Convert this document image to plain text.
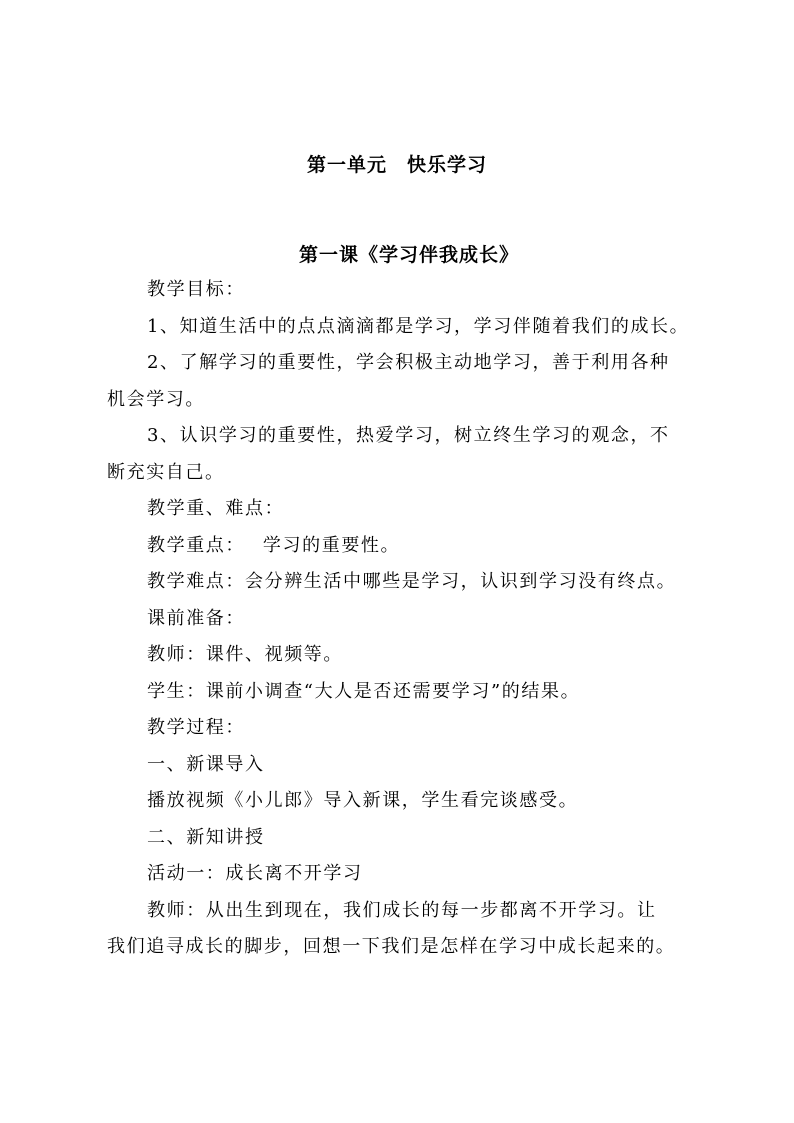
第一单元　快乐学习
第一课《学习伴我成长》
教学目标：
1、知道生活中的点点滴滴都是学习，学习伴随着我们的成长。
2、了解学习的重要性，学会积极主动地学习，善于利用各种
机会学习。
3、认识学习的重要性，热爱学习，树立终生学习的观念，不
断充实自己。
教学重、难点：
教学重点：　 学习的重要性。
教学难点：会分辨生活中哪些是学习，认识到学习没有终点。
课前准备：
教师：课件、视频等。
学生：课前小调查“大人是否还需要学习”的结果。
教学过程：
一、新课导入
播放视频《小儿郎》导入新课，学生看完谈感受。
二、新知讲授
活动一：成长离不开学习
教师：从出生到现在，我们成长的每一步都离不开学习。让
我们追寻成长的脚步，回想一下我们是怎样在学习中成长起来的。
